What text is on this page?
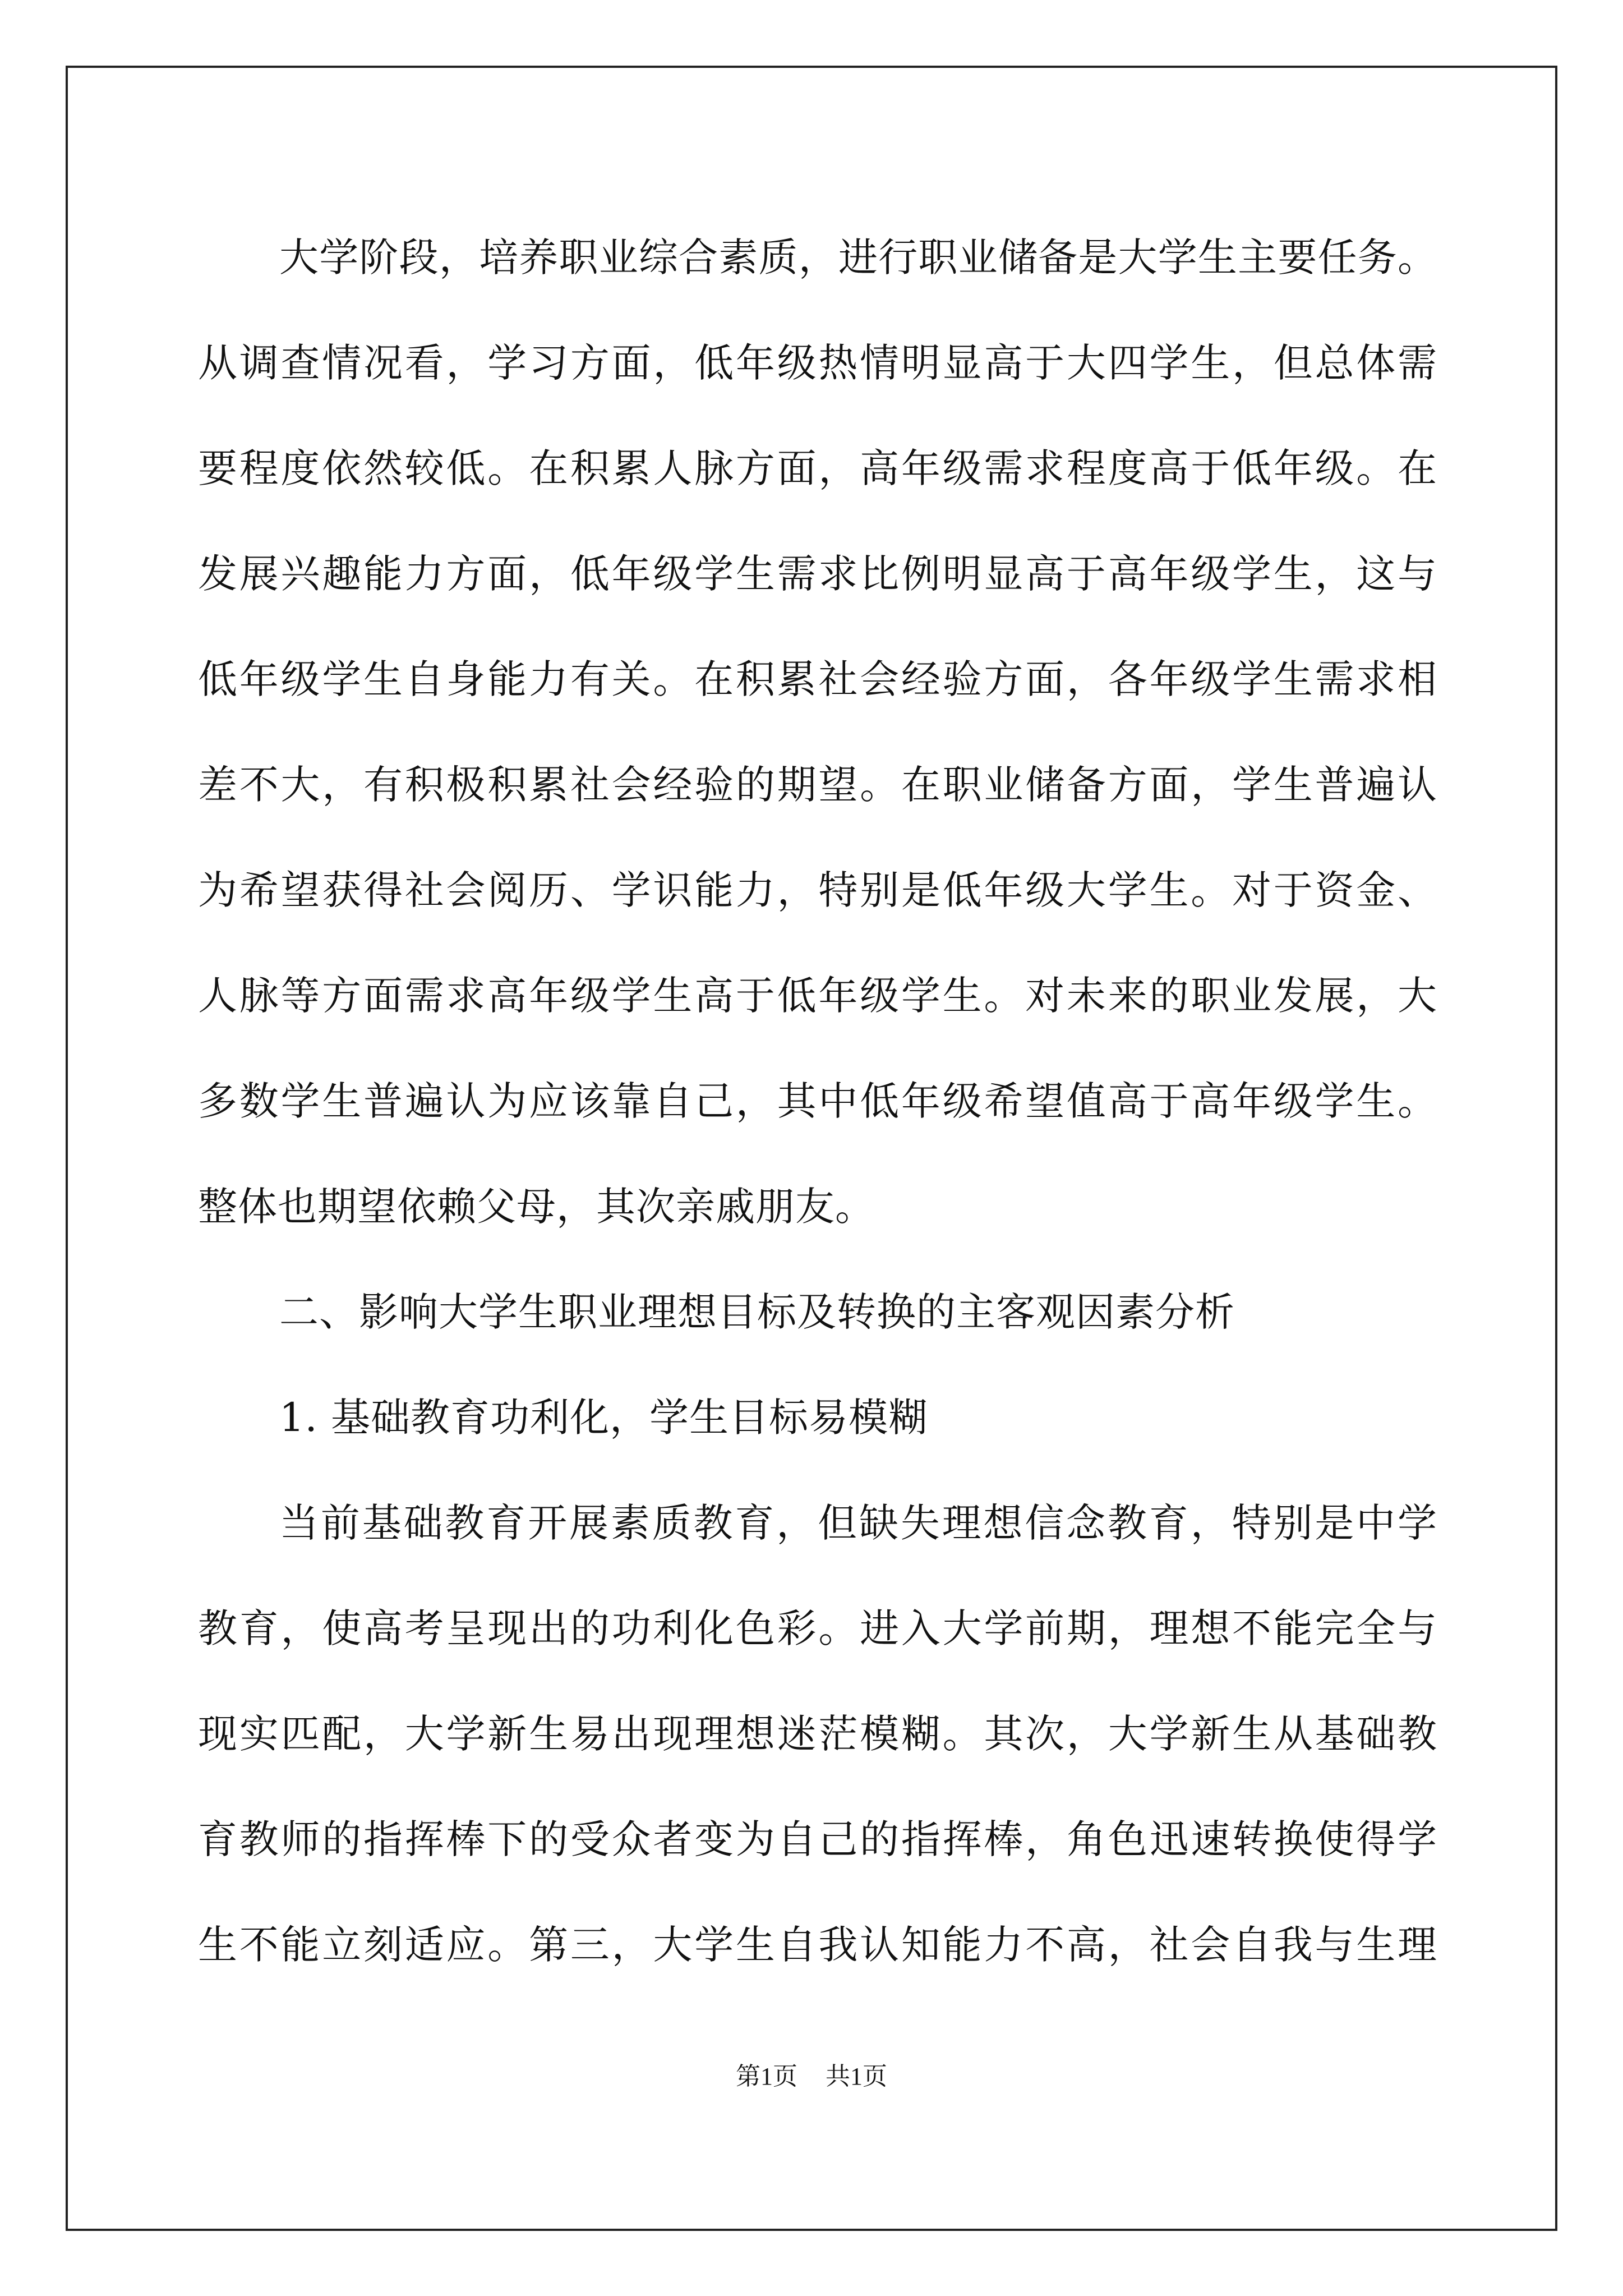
大学阶段，培养职业综合素质，进行职业储备是大学生主要任务。
从调查情况看，学习方面，低年级热情明显高于大四学生，但总体需
要程度依然较低。在积累人脉方面，高年级需求程度高于低年级。在
发展兴趣能力方面，低年级学生需求比例明显高于高年级学生，这与
低年级学生自身能力有关。在积累社会经验方面，各年级学生需求相
差不大，有积极积累社会经验的期望。在职业储备方面，学生普遍认
为希望获得社会阅历、学识能力，特别是低年级大学生。对于资金、
人脉等方面需求高年级学生高于低年级学生。对未来的职业发展，大
多数学生普遍认为应该靠自己，其中低年级希望值高于高年级学生。
整体也期望依赖父母，其次亲戚朋友。
二、影响大学生职业理想目标及转换的主客观因素分析
1. 基础教育功利化，学生目标易模糊
当前基础教育开展素质教育，但缺失理想信念教育，特别是中学
教育，使高考呈现出的功利化色彩。进入大学前期，理想不能完全与
现实匹配，大学新生易出现理想迷茫模糊。其次，大学新生从基础教
育教师的指挥棒下的受众者变为自己的指挥棒，角色迅速转换使得学
生不能立刻适应。第三，大学生自我认知能力不高，社会自我与生理
第1页 共1页
